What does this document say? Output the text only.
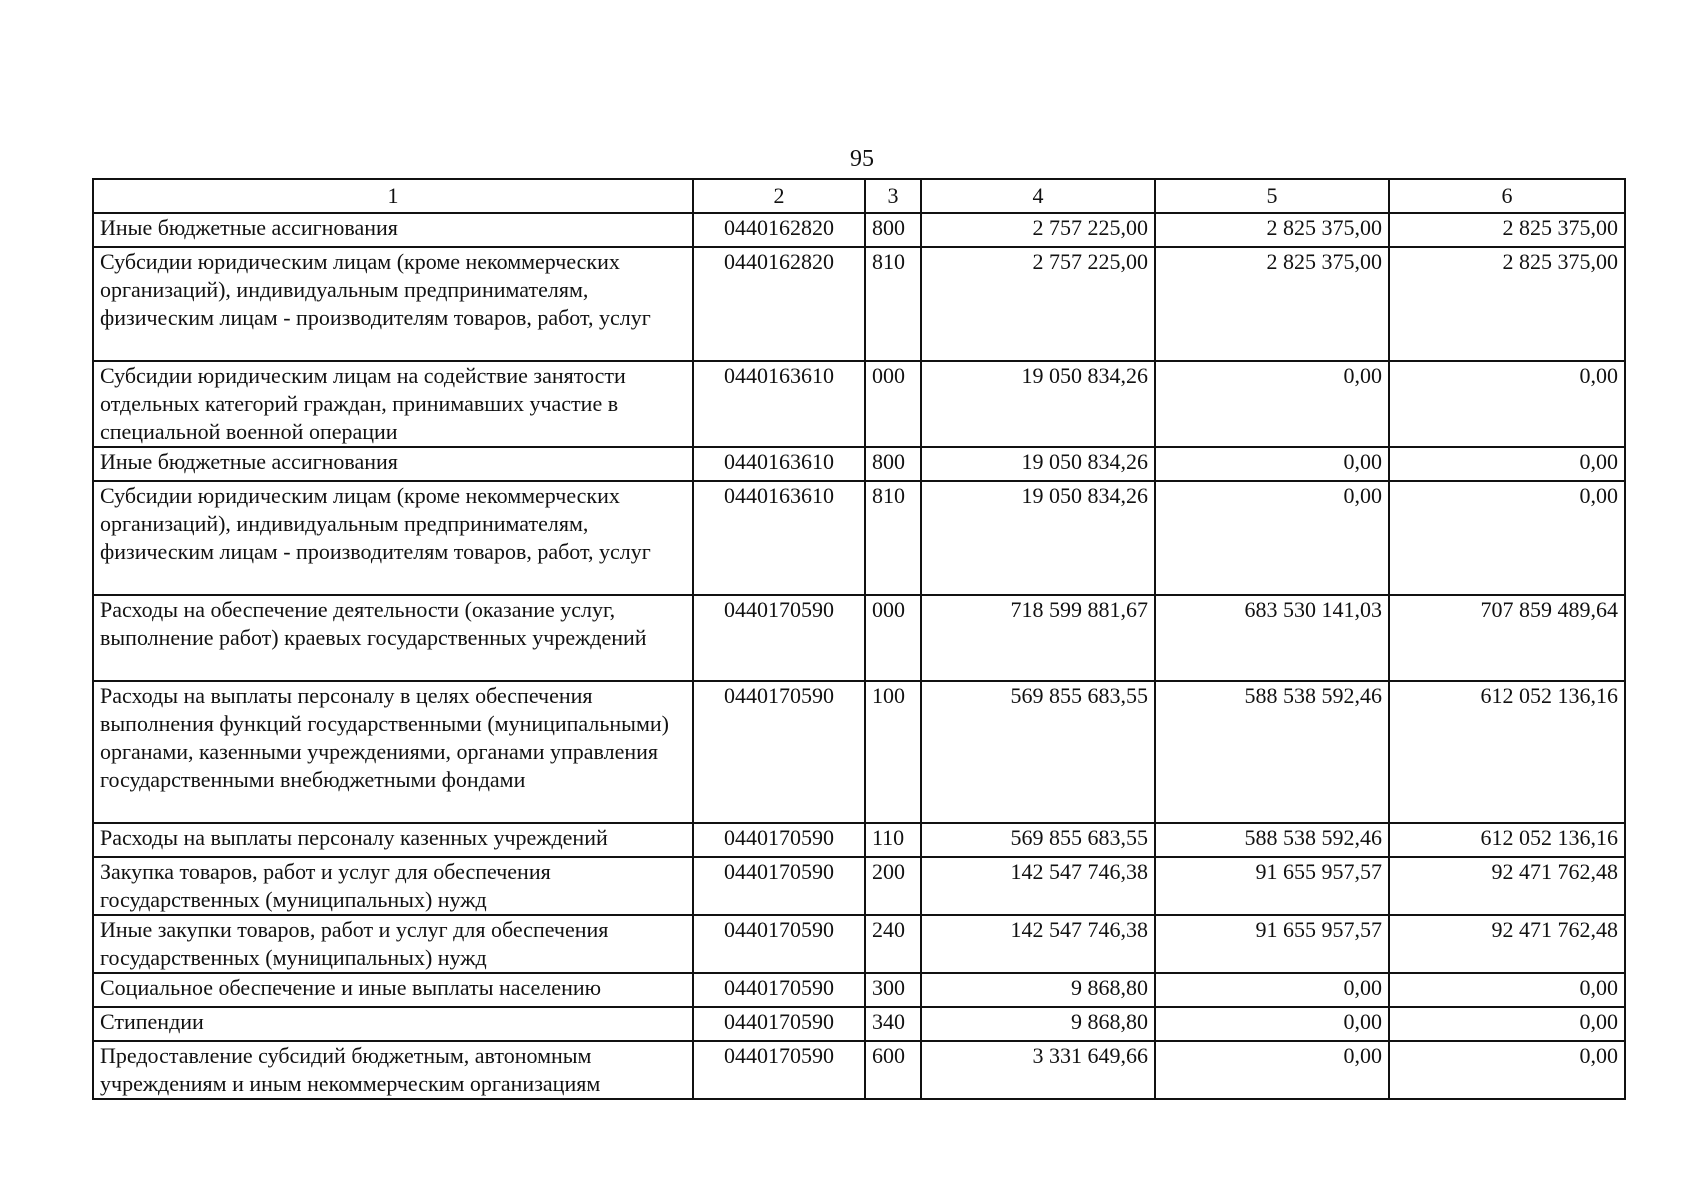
95
1	2	3	4	5	6
Иные бюджетные ассигнования	0440162820	800	2 757 225,00	2 825 375,00	2 825 375,00
Субсидии юридическим лицам (кроме некоммерческих организаций), индивидуальным предпринимателям, физическим лицам - производителям товаров, работ, услуг	0440162820	810	2 757 225,00	2 825 375,00	2 825 375,00
Субсидии юридическим лицам на содействие занятости отдельных категорий граждан, принимавших участие в специальной военной операции	0440163610	000	19 050 834,26	0,00	0,00
Иные бюджетные ассигнования	0440163610	800	19 050 834,26	0,00	0,00
Субсидии юридическим лицам (кроме некоммерческих организаций), индивидуальным предпринимателям, физическим лицам - производителям товаров, работ, услуг	0440163610	810	19 050 834,26	0,00	0,00
Расходы на обеспечение деятельности (оказание услуг, выполнение работ) краевых государственных учреждений	0440170590	000	718 599 881,67	683 530 141,03	707 859 489,64
Расходы на выплаты персоналу в целях обеспечения выполнения функций государственными (муниципальными) органами, казенными учреждениями, органами управления государственными внебюджетными фондами	0440170590	100	569 855 683,55	588 538 592,46	612 052 136,16
Расходы на выплаты персоналу казенных учреждений	0440170590	110	569 855 683,55	588 538 592,46	612 052 136,16
Закупка товаров, работ и услуг для обеспечения государственных (муниципальных) нужд	0440170590	200	142 547 746,38	91 655 957,57	92 471 762,48
Иные закупки товаров, работ и услуг для обеспечения государственных (муниципальных) нужд	0440170590	240	142 547 746,38	91 655 957,57	92 471 762,48
Социальное обеспечение и иные выплаты населению	0440170590	300	9 868,80	0,00	0,00
Стипендии	0440170590	340	9 868,80	0,00	0,00
Предоставление субсидий бюджетным, автономным учреждениям и иным некоммерческим организациям	0440170590	600	3 331 649,66	0,00	0,00
